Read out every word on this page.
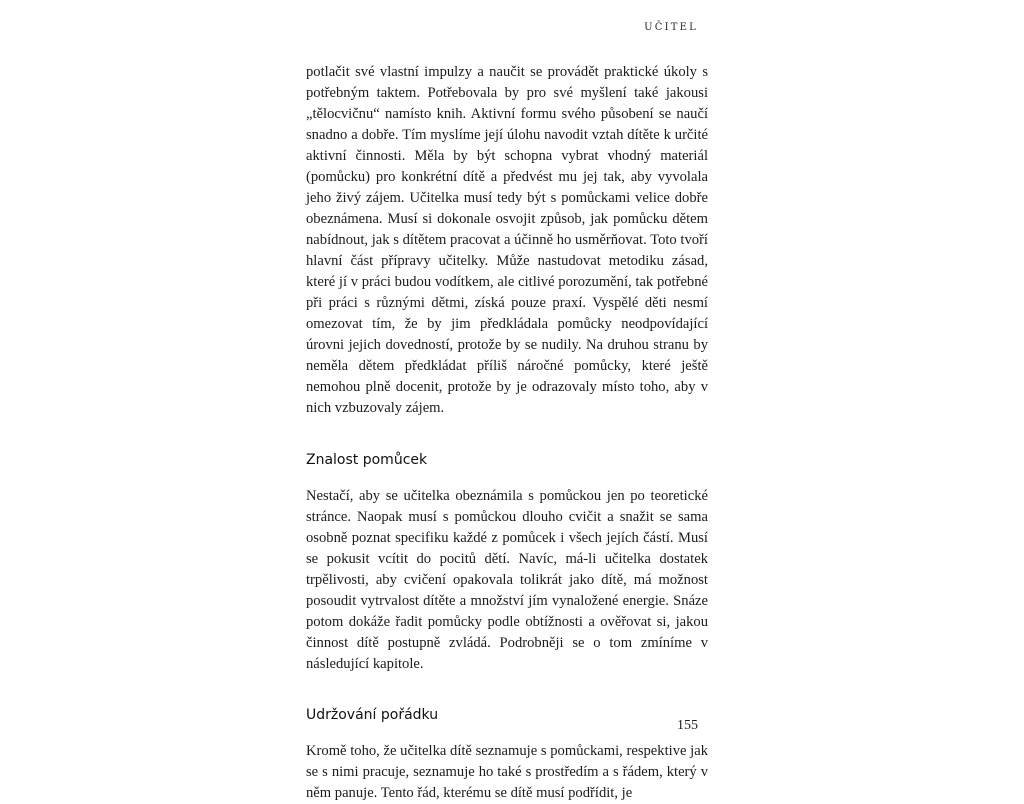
UČITEL

potlačit své vlastní impulzy a naučit se provádět praktické úkoly s potřebným taktem. Potřebovala by pro své myšlení také jakousi „tělocvičnu“ namísto knih. Aktivní formu svého působení se naučí snadno a dobře. Tím myslíme její úlohu navodit vztah dítěte k určité aktivní činnosti. Měla by být schopna vybrat vhodný materiál (pomůcku) pro konkrétní dítě a předvést mu jej tak, aby vyvolala jeho živý zájem. Učitelka musí tedy být s pomůckami velice dobře obeznámena. Musí si dokonale osvojit způsob, jak pomůcku dětem nabídnout, jak s dítětem pracovat a účinně ho usměrňovat. Toto tvoří hlavní část přípravy učitelky. Může nastudovat metodiku zásad, které jí v práci budou vodítkem, ale citlivé porozumění, tak potřebné při práci s různými dětmi, získá pouze praxí. Vyspělé děti nesmí omezovat tím, že by jim předkládala pomůcky neodpovídající úrovni jejich dovedností, protože by se nudily. Na druhou stranu by neměla dětem předkládat příliš náročné pomůcky, které ještě nemohou plně docenit, protože by je odrazovaly místo toho, aby v nich vzbuzovaly zájem.

Znalost pomůcek

Nestačí, aby se učitelka obeznámila s pomůckou jen po teoretické stránce. Naopak musí s pomůckou dlouho cvičit a snažit se sama osobně poznat specifiku každé z pomůcek i všech jejích částí. Musí se pokusit vcítit do pocitů dětí. Navíc, má-li učitelka dostatek trpělivosti, aby cvičení opakovala tolikrát jako dítě, má možnost posoudit vytrvalost dítěte a množství jím vynaložené energie. Snáze potom dokáže řadit pomůcky podle obtížnosti a ověřovat si, jakou činnost dítě postupně zvládá. Podrobněji se o tom zmíníme v následující kapitole.

Udržování pořádku

Kromě toho, že učitelka dítě seznamuje s pomůckami, respektive jak se s nimi pracuje, seznamuje ho také s prostředím a s řádem, který v něm panuje. Tento řád, kterému se dítě musí podřídit, je

155
